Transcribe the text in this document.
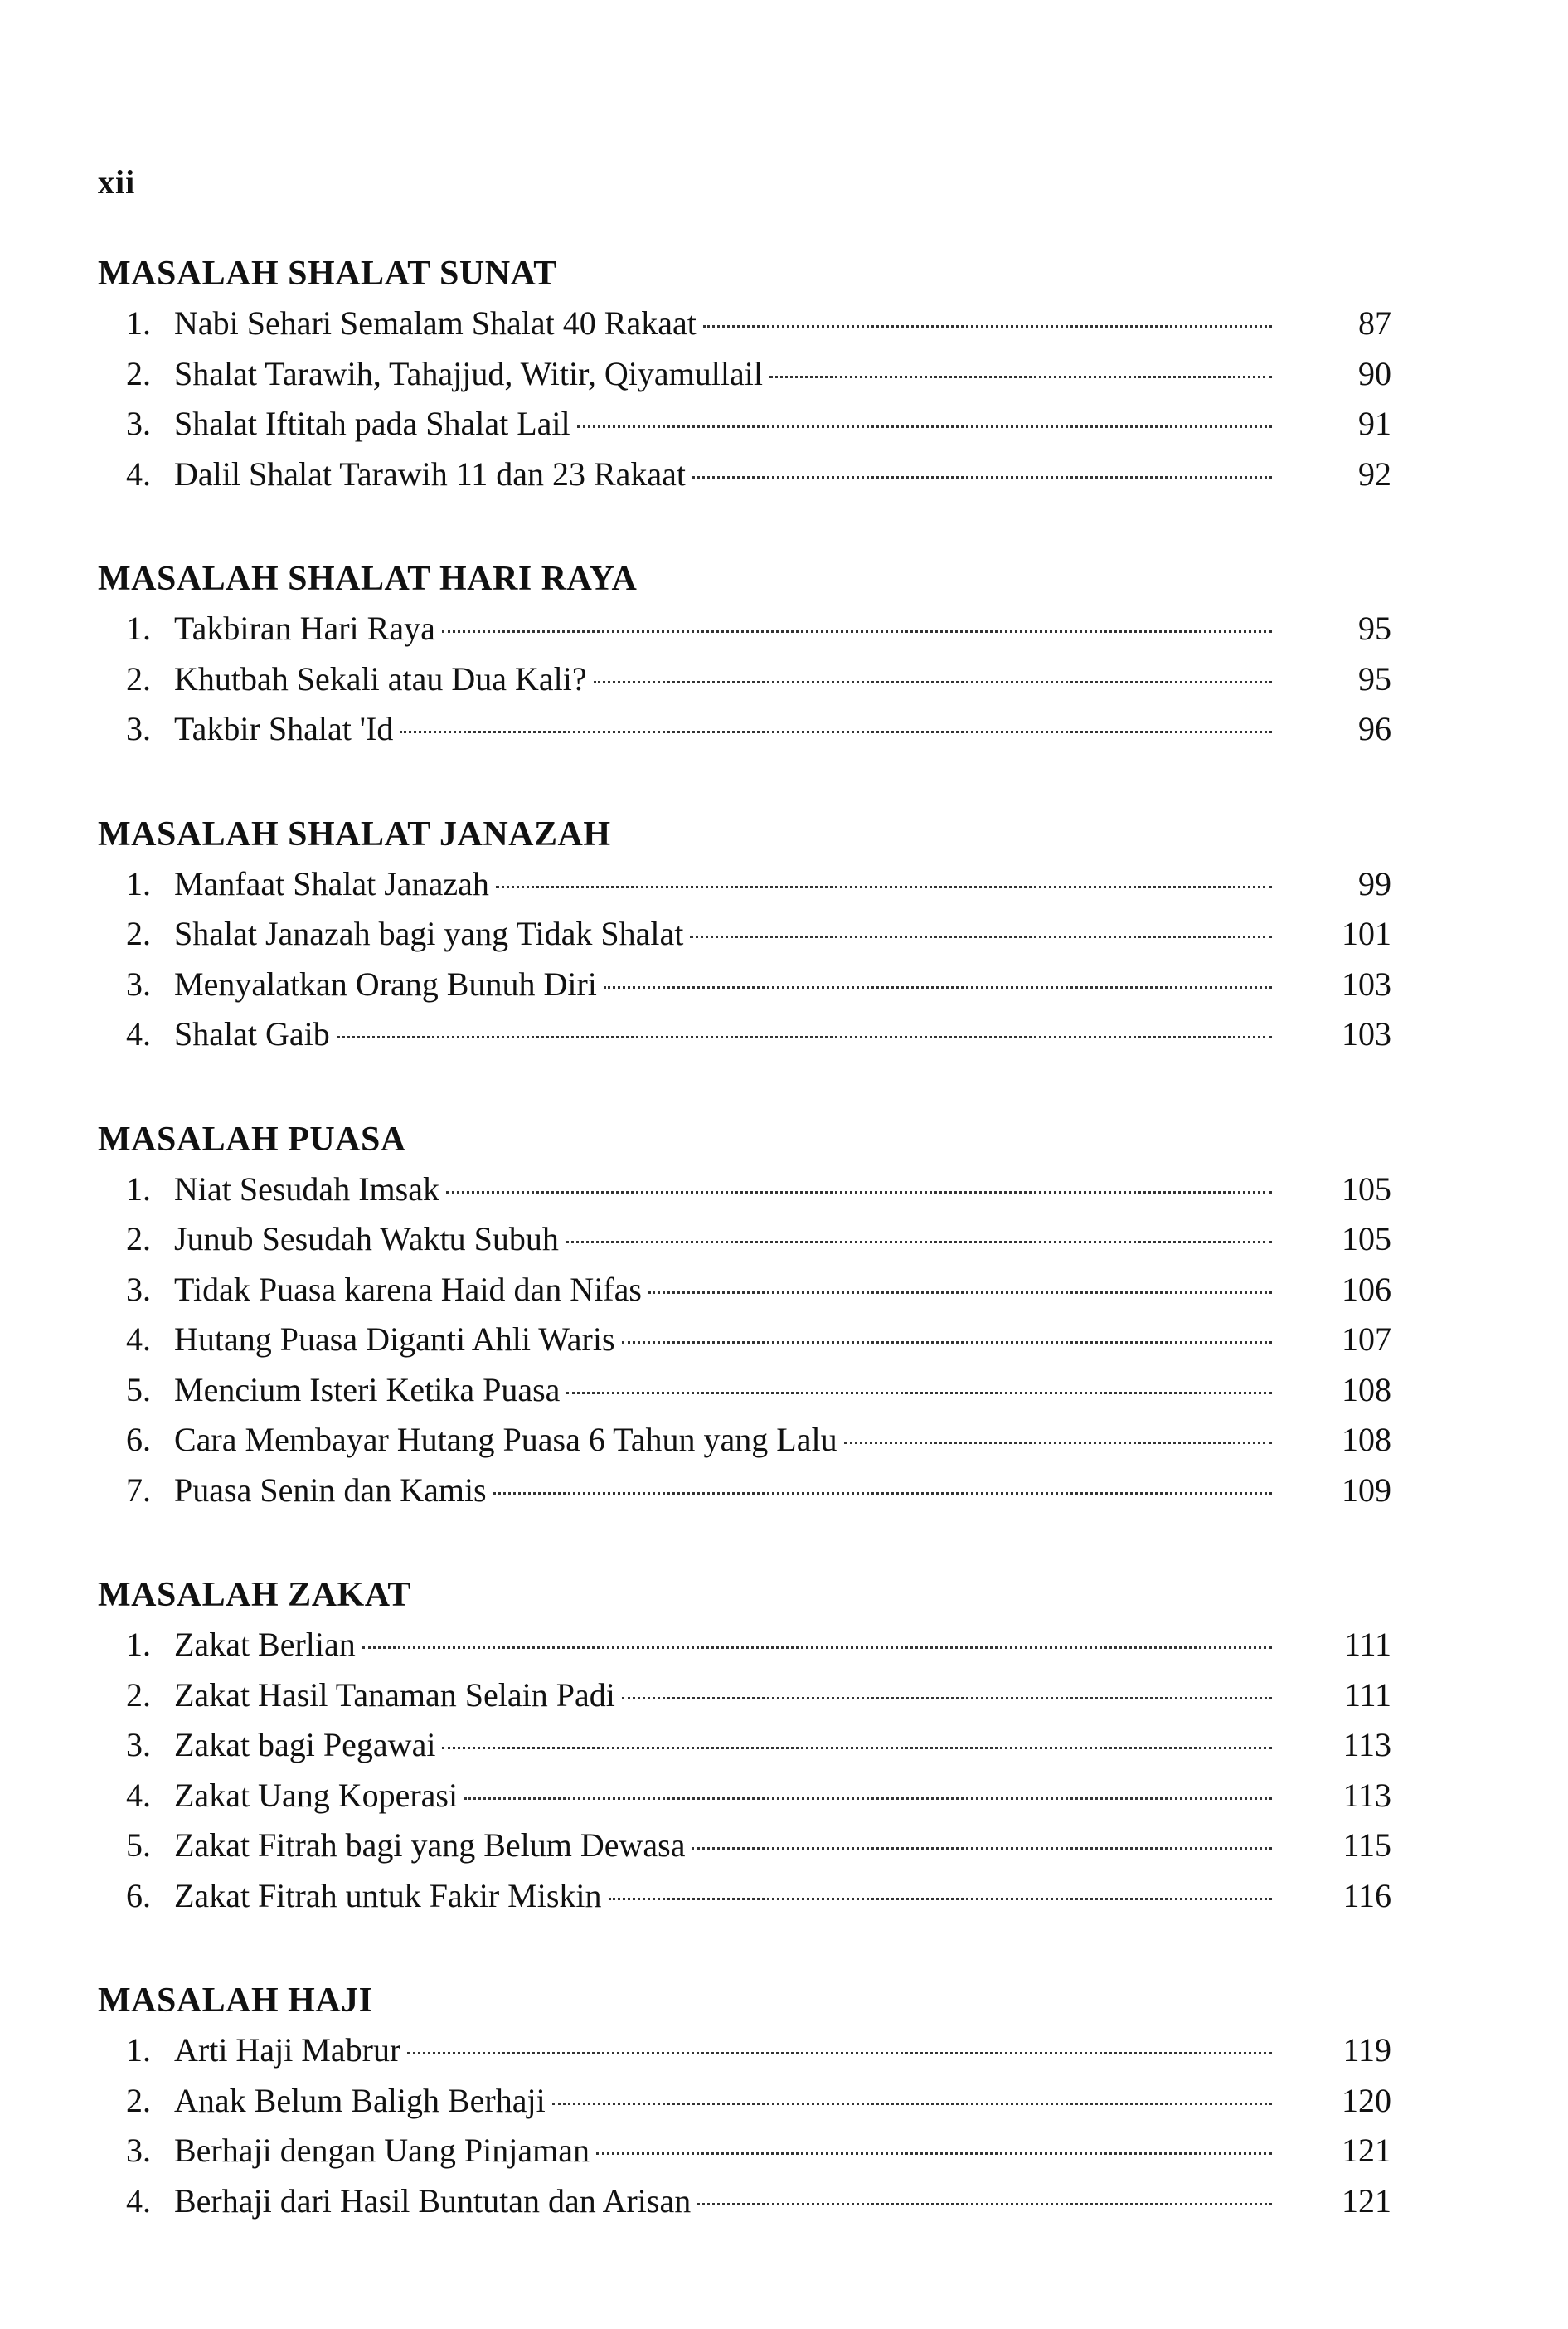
xii
MASALAH SHALAT SUNAT
1. Nabi Sehari Semalam Shalat 40 Rakaat	87
2. Shalat Tarawih, Tahajjud, Witir, Qiyamullail	90
3. Shalat Iftitah pada Shalat Lail	91
4. Dalil Shalat Tarawih 11 dan 23 Rakaat	92
MASALAH SHALAT HARI RAYA
1. Takbiran Hari Raya	95
2. Khutbah Sekali atau Dua Kali?	95
3. Takbir Shalat 'Id	96
MASALAH SHALAT JANAZAH
1. Manfaat Shalat Janazah	99
2. Shalat Janazah bagi yang Tidak Shalat	101
3. Menyalatkan Orang Bunuh Diri	103
4. Shalat Gaib	103
MASALAH PUASA
1. Niat Sesudah Imsak	105
2. Junub Sesudah Waktu Subuh	105
3. Tidak Puasa karena Haid dan Nifas	106
4. Hutang Puasa Diganti Ahli Waris	107
5. Mencium Isteri Ketika Puasa	108
6. Cara Membayar Hutang Puasa 6 Tahun yang Lalu	108
7. Puasa Senin dan Kamis	109
MASALAH ZAKAT
1. Zakat Berlian	111
2. Zakat Hasil Tanaman Selain Padi	111
3. Zakat bagi Pegawai	113
4. Zakat Uang Koperasi	113
5. Zakat Fitrah bagi yang Belum Dewasa	115
6. Zakat Fitrah untuk Fakir Miskin	116
MASALAH HAJI
1. Arti Haji Mabrur	119
2. Anak Belum Baligh Berhaji	120
3. Berhaji dengan Uang Pinjaman	121
4. Berhaji dari Hasil Buntutan dan Arisan	121
